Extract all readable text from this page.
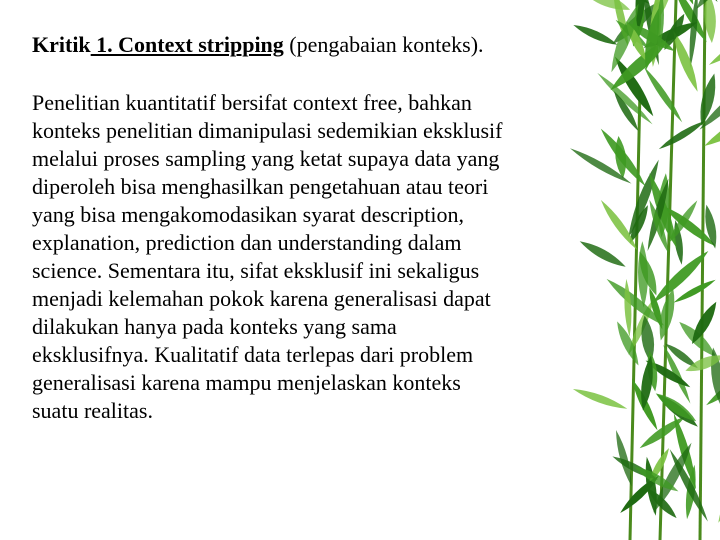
Kritik 1. Context stripping (pengabaian konteks).

Penelitian kuantitatif bersifat context free, bahkan
konteks penelitian dimanipulasi sedemikian eksklusif
melalui proses sampling yang ketat supaya data yang
diperoleh bisa menghasilkan pengetahuan atau teori
yang bisa mengakomodasikan syarat description,
explanation, prediction dan understanding dalam
science. Sementara itu, sifat eksklusif ini sekaligus
menjadi kelemahan pokok karena generalisasi dapat
dilakukan hanya pada konteks yang sama
eksklusifnya. Kualitatif data terlepas dari problem
generalisasi karena mampu menjelaskan konteks
suatu realitas.
